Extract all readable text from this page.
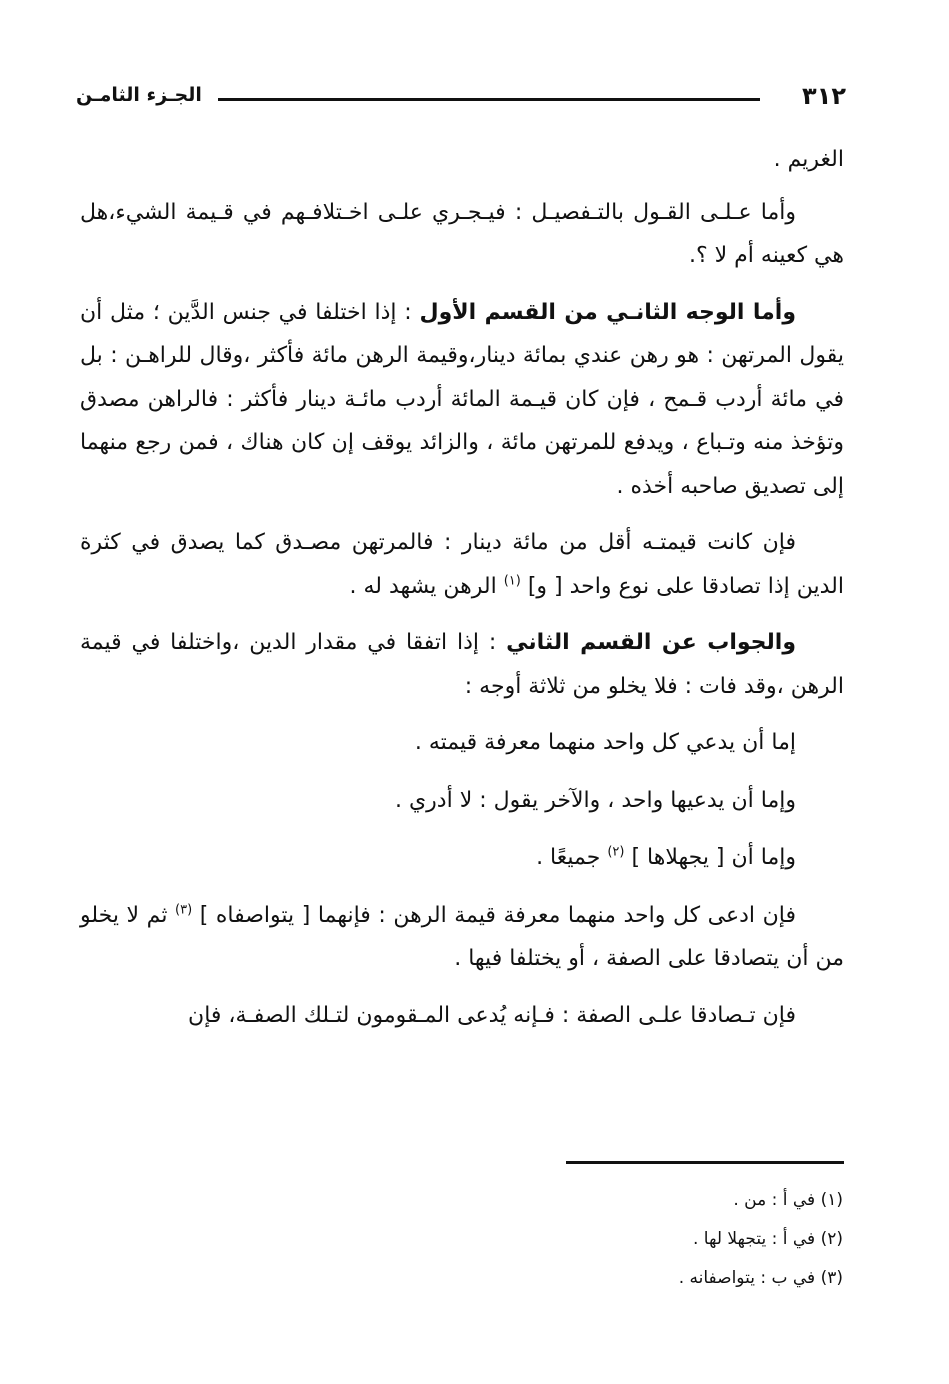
٣١٢
الجـزء الثامـن

الغريم .

وأما عـلـى القـول بالتـفصيـل : فيـجـري علـى اخـتلافـهم في قـيمة الشيء،هل هي كعينه أم لا ؟.

وأما الوجه الثانـي من القسم الأول : إذا اختلفا في جنس الدَّين ؛ مثل أن يقول المرتهن : هو رهن عندي بمائة دينار،وقيمة الرهن مائة فأكثر ،وقال للراهـن : بل في مائة أردب قـمح ، فإن كان قيـمة المائة أردب مائـة دينار فأكثر : فالراهن مصدق وتؤخذ منه وتـباع ، ويدفع للمرتهن مائة ، والزائد يوقف إن كان هناك ، فمن رجع منهما إلى تصديق صاحبه أخذه .

فإن كانت قيمتـه أقل من مائة دينار : فالمرتهن مصـدق كما يصدق في كثرة الدين إذا تصادقا على نوع واحد [ و] $^{(١)}$ الرهن يشهد له .

والجواب عن القسم الثاني : إذا اتفقا في مقدار الدين ،واختلفا في قيمة الرهن ،وقد فات : فلا يخلو من ثلاثة أوجه :

إما أن يدعي كل واحد منهما معرفة قيمته .

وإما أن يدعيها واحد ، والآخر يقول : لا أدري .

وإما أن [ يجهلاها ] $^{(٢)}$ جميعًا .

فإن ادعى كل واحد منهما معرفة قيمة الرهن : فإنهما [ يتواصفاه ] $^{(٣)}$ ثم لا يخلو من أن يتصادقا على الصفة ، أو يختلفا فيها .

فإن تـصادقا علـى الصفة : فـإنه يُدعى المـقومون لتـلك الصفـة، فإن

(١) في أ : من .

(٢) في أ : يتجهلا لها .

(٣) في ب : يتواصفانه .
